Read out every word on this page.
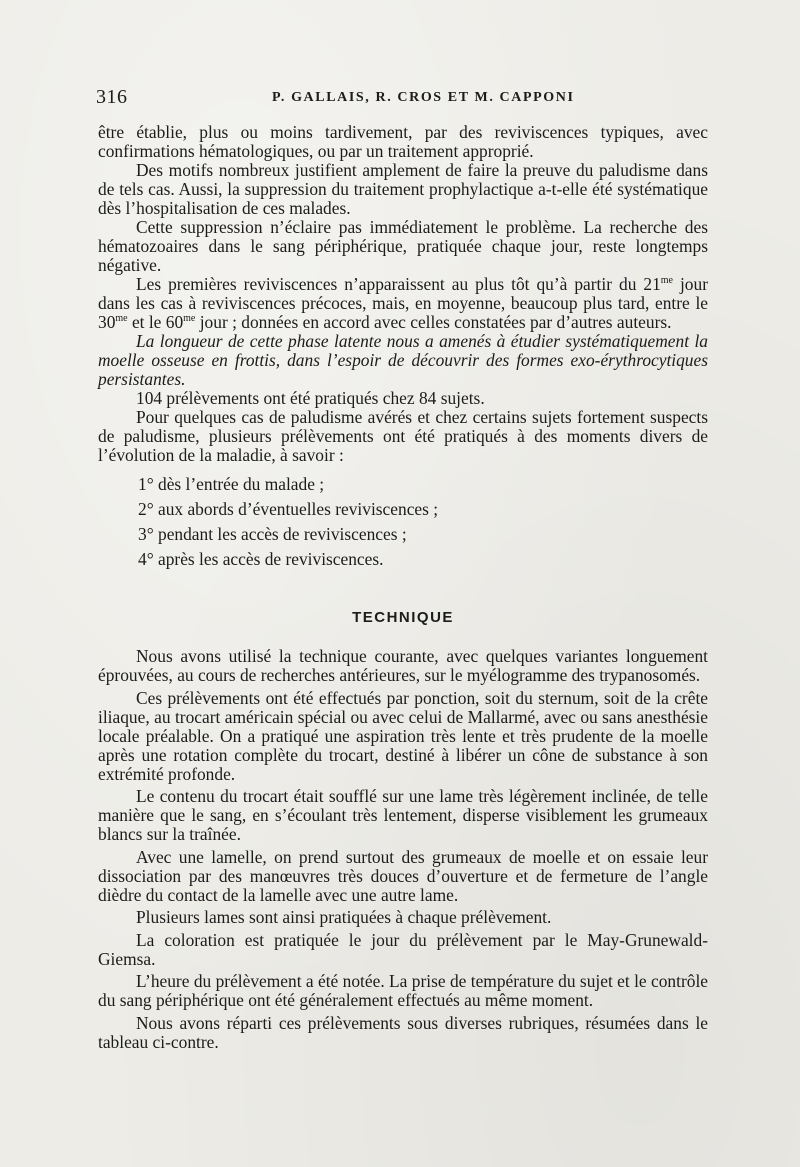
316	P. GALLAIS, R. CROS ET M. CAPPONI

être établie, plus ou moins tardivement, par des reviviscences typiques, avec confirmations hématologiques, ou par un traitement approprié.

Des motifs nombreux justifient amplement de faire la preuve du paludisme dans de tels cas. Aussi, la suppression du traitement prophylactique a-t-elle été systématique dès l’hospitalisation de ces malades.

Cette suppression n’éclaire pas immédiatement le problème. La recherche des hématozoaires dans le sang périphérique, pratiquée chaque jour, reste longtemps négative.

Les premières reviviscences n’apparaissent au plus tôt qu’à partir du $21^{me}$ jour dans les cas à reviviscences précoces, mais, en moyenne, beaucoup plus tard, entre le $30^{me}$ et le $60^{me}$ jour ; données en accord avec celles constatées par d’autres auteurs.

La longueur de cette phase latente nous a amenés à étudier systématiquement la moelle osseuse en frottis, dans l’espoir de découvrir des formes exo-érythrocytiques persistantes.

104 prélèvements ont été pratiqués chez 84 sujets.

Pour quelques cas de paludisme avérés et chez certains sujets fortement suspects de paludisme, plusieurs prélèvements ont été pratiqués à des moments divers de l’évolution de la maladie, à savoir :

1° dès l’entrée du malade ;
2° aux abords d’éventuelles reviviscences ;
3° pendant les accès de reviviscences ;
4° après les accès de reviviscences.
TECHNIQUE

Nous avons utilisé la technique courante, avec quelques variantes longuement éprouvées, au cours de recherches antérieures, sur le myélogramme des trypanosomés.

Ces prélèvements ont été effectués par ponction, soit du sternum, soit de la crête iliaque, au trocart américain spécial ou avec celui de Mallarmé, avec ou sans anesthésie locale préalable. On a pratiqué une aspiration très lente et très prudente de la moelle après une rotation complète du trocart, destiné à libérer un cône de substance à son extrémité profonde.

Le contenu du trocart était soufflé sur une lame très légèrement inclinée, de telle manière que le sang, en s’écoulant très lentement, disperse visiblement les grumeaux blancs sur la traînée.

Avec une lamelle, on prend surtout des grumeaux de moelle et on essaie leur dissociation par des manœuvres très douces d’ouverture et de fermeture de l’angle dièdre du contact de la lamelle avec une autre lame.

Plusieurs lames sont ainsi pratiquées à chaque prélèvement.

La coloration est pratiquée le jour du prélèvement par le May-Grunewald-Giemsa.

L’heure du prélèvement a été notée. La prise de température du sujet et le contrôle du sang périphérique ont été généralement effectués au même moment.

Nous avons réparti ces prélèvements sous diverses rubriques, résumées dans le tableau ci-contre.
